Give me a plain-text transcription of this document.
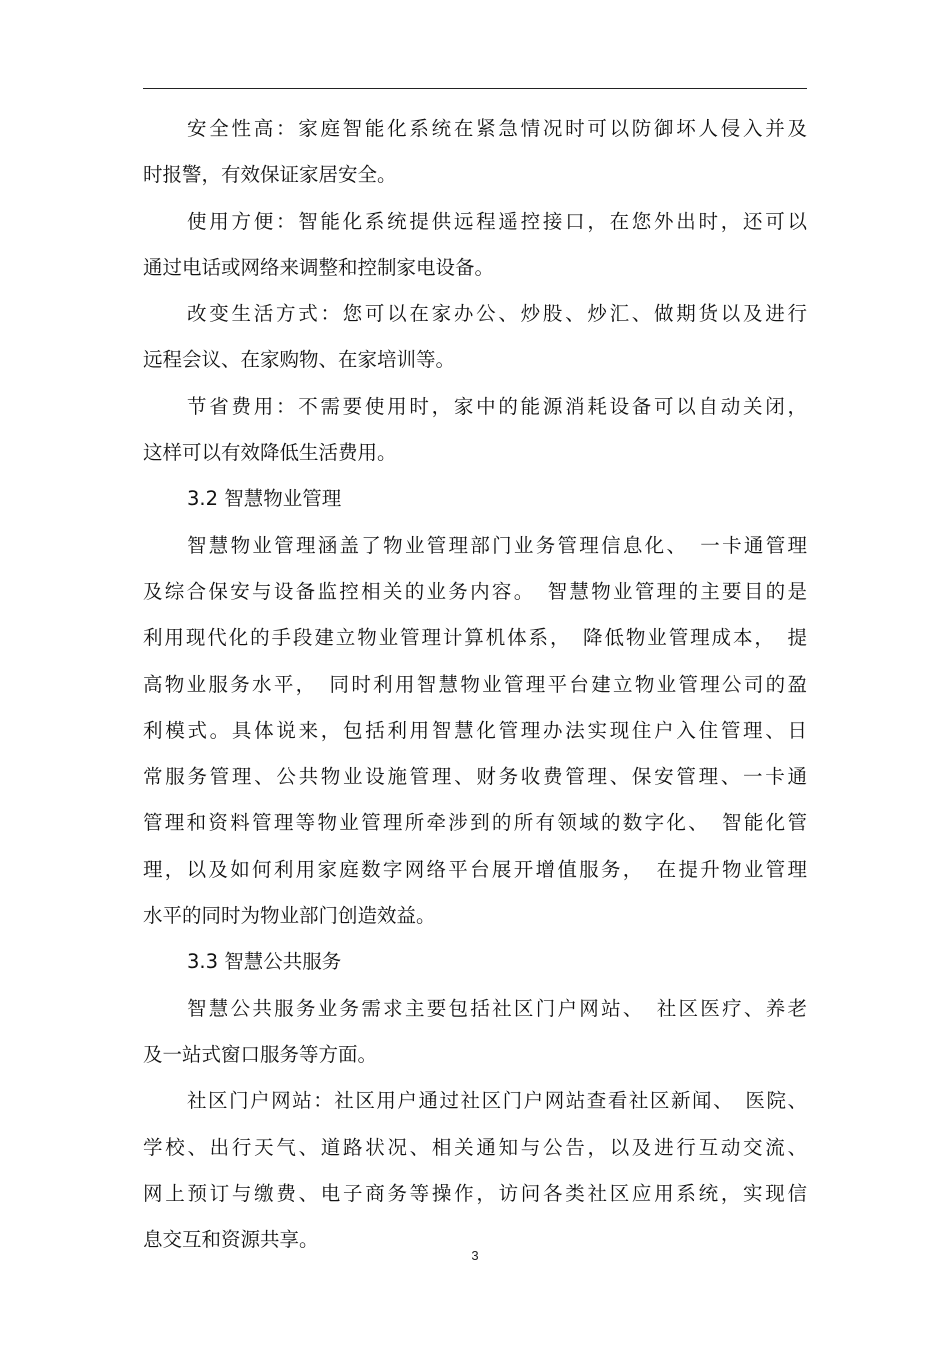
安全性高：家庭智能化系统在紧急情况时可以防御坏人侵入并及
时报警，有效保证家居安全。
使用方便：智能化系统提供远程遥控接口，在您外出时，还可以
通过电话或网络来调整和控制家电设备。
改变生活方式：您可以在家办公、炒股、炒汇、做期货以及进行
远程会议、在家购物、在家培训等。
节省费用：不需要使用时，家中的能源消耗设备可以自动关闭，
这样可以有效降低生活费用。
3.2 智慧物业管理
智慧物业管理涵盖了物业管理部门业务管理信息化、　一卡通管理
及综合保安与设备监控相关的业务内容。　智慧物业管理的主要目的是
利用现代化的手段建立物业管理计算机体系，　降低物业管理成本，　提
高物业服务水平，　同时利用智慧物业管理平台建立物业管理公司的盈
利模式。具体说来，包括利用智慧化管理办法实现住户入住管理、日
常服务管理、公共物业设施管理、财务收费管理、保安管理、一卡通
管理和资料管理等物业管理所牵涉到的所有领域的数字化、　智能化管
理，以及如何利用家庭数字网络平台展开增值服务，　在提升物业管理
水平的同时为物业部门创造效益。
3.3 智慧公共服务
智慧公共服务业务需求主要包括社区门户网站、　社区医疗、养老
及一站式窗口服务等方面。
社区门户网站：社区用户通过社区门户网站查看社区新闻、　医院、
学校、出行天气、道路状况、相关通知与公告，以及进行互动交流、
网上预订与缴费、电子商务等操作，访问各类社区应用系统，实现信
息交互和资源共享。
3
